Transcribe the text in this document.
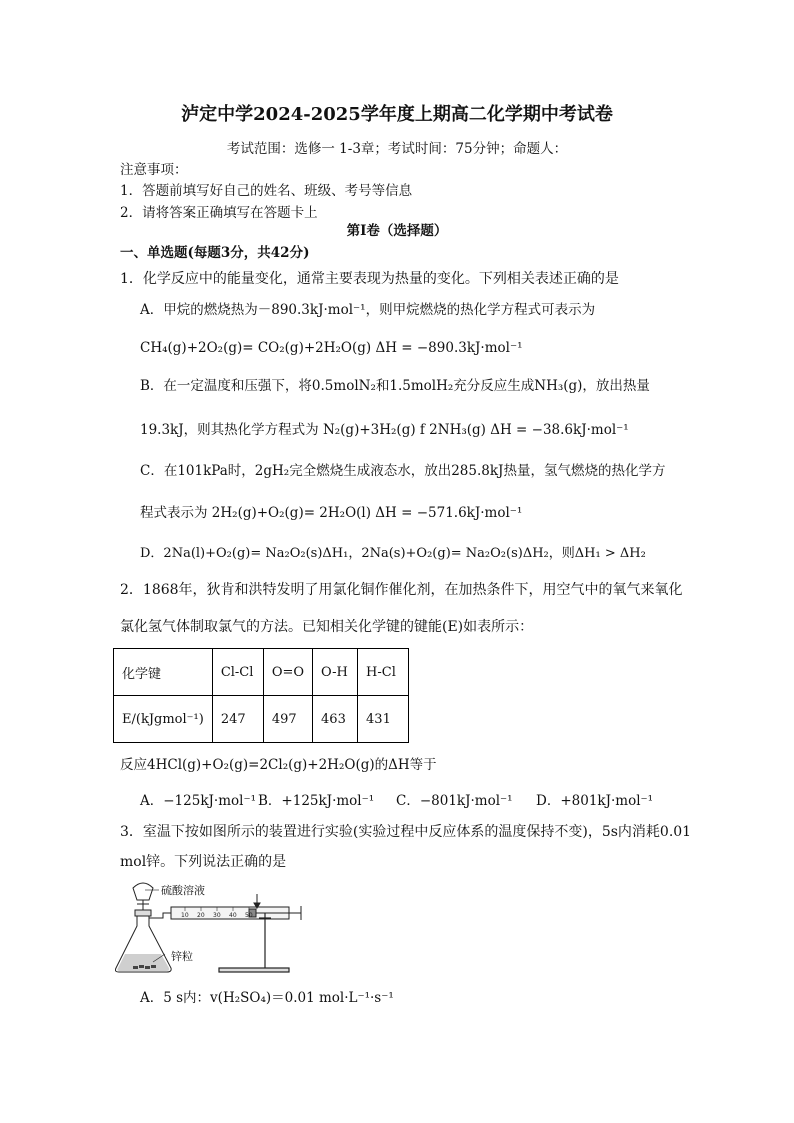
泸定中学2024-2025学年度上期高二化学期中考试卷
考试范围：选修一 1-3章；考试时间：75分钟；命题人：
注意事项：
1．答题前填写好自己的姓名、班级、考号等信息
2．请将答案正确填写在答题卡上
第I卷（选择题）
一、单选题(每题3分，共42分)
1．化学反应中的能量变化，通常主要表现为热量的变化。下列相关表述正确的是
A．甲烷的燃烧热为－890.3kJ·mol⁻¹，则甲烷燃烧的热化学方程式可表示为
CH₄(g)+2O₂(g)= CO₂(g)+2H₂O(g) ΔH = −890.3kJ·mol⁻¹
B．在一定温度和压强下，将0.5molN₂和1.5molH₂充分反应生成NH₃(g)，放出热量
19.3kJ，则其热化学方程式为 N₂(g)+3H₂(g) f 2NH₃(g) ΔH = −38.6kJ·mol⁻¹
C．在101kPa时，2gH₂完全燃烧生成液态水，放出285.8kJ热量，氢气燃烧的热化学方
程式表示为 2H₂(g)+O₂(g)= 2H₂O(l) ΔH = −571.6kJ·mol⁻¹
D．2Na(l)+O₂(g)= Na₂O₂(s)ΔH₁，2Na(s)+O₂(g)= Na₂O₂(s)ΔH₂，则ΔH₁ > ΔH₂
2．1868年，狄肯和洪特发明了用氯化铜作催化剂，在加热条件下，用空气中的氧气来氧化
氯化氢气体制取氯气的方法。已知相关化学键的键能(E)如表所示：
化学键	Cl-Cl	O=O	O-H	H-Cl
E/(kJgmol⁻¹)	247	497	463	431
反应4HCl(g)+O₂(g)=2Cl₂(g)+2H₂O(g)的ΔH等于
A．−125kJ·mol⁻¹ B．+125kJ·mol⁻¹ C．−801kJ·mol⁻¹ D．+801kJ·mol⁻¹
3．室温下按如图所示的装置进行实验(实验过程中反应体系的温度保持不变)，5s内消耗0.01
mol锌。下列说法正确的是
10 20 30 40 50
硫酸溶液
锌粒
A．5 s内：v(H₂SO₄)＝0.01 mol·L⁻¹·s⁻¹
